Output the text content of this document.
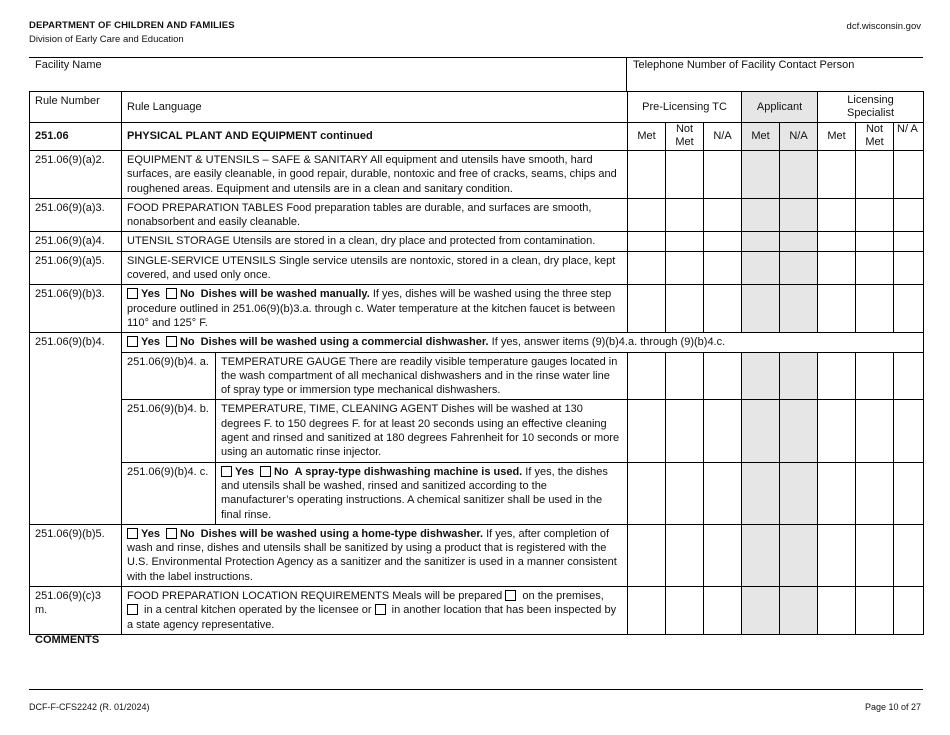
DEPARTMENT OF CHILDREN AND FAMILIES
Division of Early Care and Education
dcf.wisconsin.gov
Facility Name	Telephone Number of Facility Contact Person
Rule Number	Rule Language		Pre-Licensing TC			Applicant		Licensing Specialist		
251.06	PHYSICAL PLANT AND EQUIPMENT continued		Met	Not Met	N/A	Met	N/A	Met	Not Met	N/ A
251.06(9)(a)2.	EQUIPMENT & UTENSILS – SAFE & SANITARY All equipment and utensils have smooth, hard surfaces, are easily cleanable, in good repair, durable, nontoxic and free of cracks, seams, chips and roughened areas. Equipment and utensils are in a clean and sanitary condition.									
251.06(9)(a)3.	FOOD PREPARATION TABLES Food preparation tables are durable, and surfaces are smooth, nonabsorbent and easily cleanable.									
251.06(9)(a)4.	UTENSIL STORAGE Utensils are stored in a clean, dry place and protected from contamination.									
251.06(9)(a)5.	SINGLE-SERVICE UTENSILS Single service utensils are nontoxic, stored in a clean, dry place, kept covered, and used only once.									
251.06(9)(b)3.	Yes No Dishes will be washed manually. If yes, dishes will be washed using the three step procedure outlined in 251.06(9)(b)3.a. through c. Water temperature at the kitchen faucet is between 110° and 125° F.									
251.06(9)(b)4.	Yes No Dishes will be washed using a commercial dishwasher. If yes, answer items (9)(b)4.a. through (9)(b)4.c.									
	251.06(9)(b)4. a.	TEMPERATURE GAUGE There are readily visible temperature gauges located in the wash compartment of all mechanical dishwashers and in the rinse water line of spray type or immersion type mechanical dishwashers.								
	251.06(9)(b)4. b.	TEMPERATURE, TIME, CLEANING AGENT Dishes will be washed at 130 degrees F. to 150 degrees F. for at least 20 seconds using an effective cleaning agent and rinsed and sanitized at 180 degrees Fahrenheit for 10 seconds or more using an automatic rinse injector.								
	251.06(9)(b)4. c.	Yes No A spray-type dishwashing machine is used. If yes, the dishes and utensils shall be washed, rinsed and sanitized according to the manufacturer’s operating instructions. A chemical sanitizer shall be used in the final rinse.								
251.06(9)(b)5.	Yes No Dishes will be washed using a home-type dishwasher. If yes, after completion of wash and rinse, dishes and utensils shall be sanitized by using a product that is registered with the U.S. Environmental Protection Agency as a sanitizer and the sanitizer is used in a manner consistent with the label instructions.									
251.06(9)(c)3 m.	FOOD PREPARATION LOCATION REQUIREMENTS Meals will be prepared  on the premises,
in a central kitchen operated by the licensee or  in another location that has been inspected by a state agency representative.									
COMMENTS
DCF-F-CFS2242 (R. 01/2024)	Page 10 of 27
